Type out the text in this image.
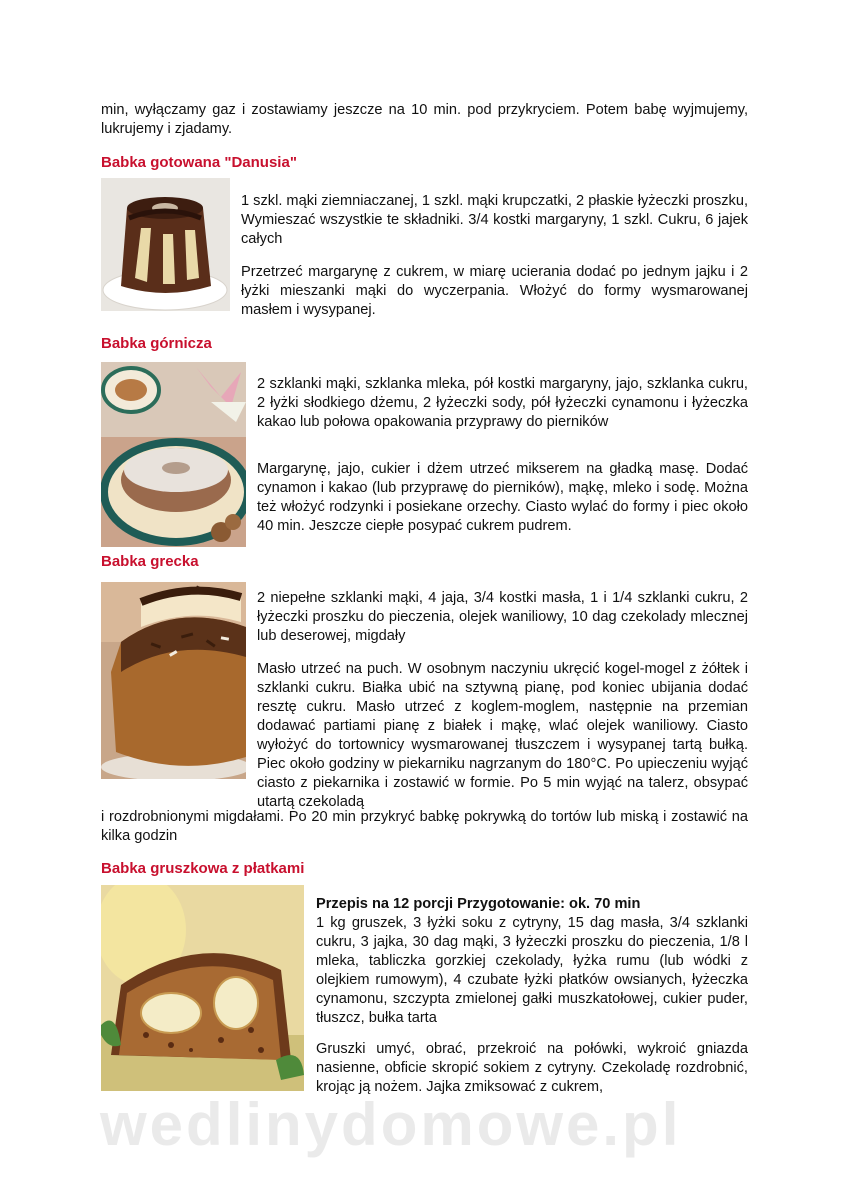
min, wyłączamy gaz i zostawiamy jeszcze na 10 min. pod przykryciem. Potem babę wyjmujemy, lukrujemy i zjadamy.

Babka gotowana "Danusia"

1 szkl. mąki ziemniaczanej, 1 szkl. mąki krupczatki, 2 płaskie łyżeczki proszku, Wymieszać wszystkie te składniki. 3/4 kostki margaryny, 1 szkl. Cukru, 6 jajek całych

Przetrzeć margarynę z cukrem, w miarę ucierania dodać po jednym jajku i 2 łyżki mieszanki mąki do wyczerpania. Włożyć do formy wysmarowanej masłem i wysypanej.

Babka górnicza

2 szklanki mąki, szklanka mleka, pół kostki margaryny, jajo, szklanka cukru, 2 łyżki słodkiego dżemu, 2 łyżeczki sody, pół łyżeczki cynamonu i łyżeczka kakao lub połowa opakowania przyprawy do pierników

Margarynę, jajo, cukier i dżem utrzeć mikserem na gładką masę. Dodać cynamon i kakao (lub przyprawę do pierników), mąkę, mleko i sodę. Można też włożyć rodzynki i posiekane orzechy. Ciasto wylać do formy i piec około 40 min. Jeszcze ciepłe posypać cukrem pudrem.

Babka grecka

2 niepełne szklanki mąki, 4 jaja, 3/4 kostki masła, 1 i 1/4 szklanki cukru, 2 łyżeczki proszku do pieczenia, olejek waniliowy, 10 dag czekolady mlecznej lub deserowej, migdały

Masło utrzeć na puch. W osobnym naczyniu ukręcić kogel-mogel z żółtek i szklanki cukru. Białka ubić na sztywną pianę, pod koniec ubijania dodać resztę cukru. Masło utrzeć z koglem-moglem, następnie na przemian dodawać partiami pianę z białek i mąkę, wlać olejek waniliowy. Ciasto wyłożyć do tortownicy wysmarowanej tłuszczem i wysypanej tartą bułką. Piec około godziny w piekarniku nagrzanym do 180°C. Po upieczeniu wyjąć ciasto z piekarnika i zostawić w formie. Po 5 min wyjąć na talerz, obsypać utartą czekoladą

i rozdrobnionymi migdałami. Po 20 min przykryć babkę pokrywką do tortów lub miską i zostawić na kilka godzin

Babka gruszkowa z płatkami

Przepis na 12 porcji Przygotowanie: ok. 70 min
1 kg gruszek, 3 łyżki soku z cytryny, 15 dag masła, 3/4 szklanki cukru, 3 jajka, 30 dag mąki, 3 łyżeczki proszku do pieczenia, 1/8 l mleka, tabliczka gorzkiej czekolady, łyżka rumu (lub wódki z olejkiem rumowym), 4 czubate łyżki płatków owsianych, łyżeczka cynamonu, szczypta zmielonej gałki muszkatołowej, cukier puder, tłuszcz, bułka tarta

Gruszki umyć, obrać, przekroić na połówki, wykroić gniazda nasienne, obficie skropić sokiem z cytryny. Czekoladę rozdrobnić, krojąc ją nożem. Jajka zmiksować z cukrem,

wedlinydomowe.pl
